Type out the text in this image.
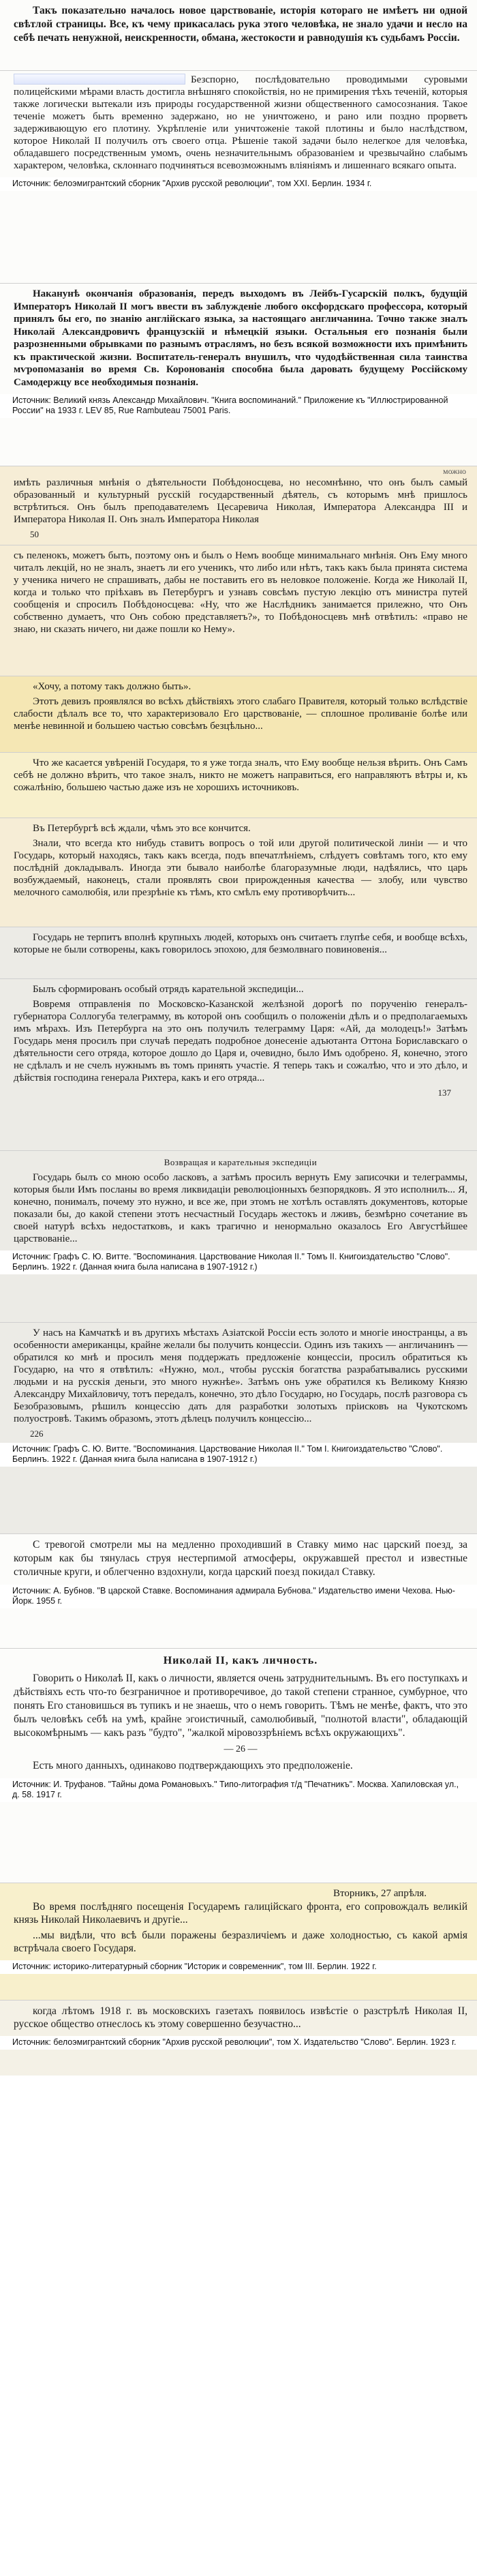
Такъ показательно началось новое царствованіе, исторія котораго не имѣетъ ни одной свѣтлой страницы. Все, къ чему прикасалась рука этого человѣка, не знало удачи и несло на себѣ печать ненужной, неискренности, обмана, жестокости и равнодушія къ судьбамъ Россіи.

Безспорно, послѣдовательно проводимыми суровыми полицейскими мѣрами власть достигла внѣшняго спокойствія, но не примирения тѣхъ теченій, которыя также логически вытекали изъ природы государственной жизни общественного самосознания. Такое теченіе можетъ быть временно задержано, но не уничтожено, и рано или поздно прорветъ задерживающую его плотину. Укрѣпленіе или уничтоженіе такой плотины и было наслѣдством, которое Николай II получилъ отъ своего отца. Рѣшеніе такой задачи было нелегкое для человѣка, обладавшего посредственным умомъ, очень незначительнымъ образованіем и чрезвычайно слабымъ характером, человѣка, склоннаго подчиняться всевозможнымъ вліяніямъ и лишеннаго всякаго опыта.

Источник: белоэмигрантский сборник "Архив русской революции", том ХХI. Берлин. 1934 г.

Наканунѣ окончанія образованія, передъ выходомъ въ Лейбъ-Гусарскій полкъ, будущій Императоръ Николай II могъ ввести въ заблужденіе любого оксфордскаго профессора, который принялъ бы его, по знанію англійскаго языка, за настоящаго англичанина. Точно также зналъ Николай Александровичъ французскій и нѣмецкій языки. Остальныя его познанія были разрозненными обрывками по разнымъ отраслямъ, но безъ всякой возможности ихъ примѣнить къ практической жизни. Воспитатель-генералъ внушилъ, что чудодѣйственная сила таинства мѵропомазанія во время Св. Коронованія способна была даровать будущему Россійскому Самодержцу все необходимыя познанія.

Источник: Великий князь Александр Михайлович. "Книга воспоминаний." Приложение къ "Иллюстрированной России" на 1933 г. LEV 85, Rue Rambuteau 75001 Paris.
можно

имѣть различныя мнѣнія о дѣятельности Побѣдоносцева, но несомнѣнно, что онъ былъ самый образованный и культурный русскій государственный дѣятель, съ которымъ мнѣ пришлось встрѣтиться. Онъ былъ преподавателемъ Цесаревича Николая, Императора Александра III и Императора Николая II. Онъ зналъ Императора Николая

50

съ пеленокъ, можетъ быть, поэтому онъ и былъ о Немъ вообще минимальнаго мнѣнія. Онъ Ему много читалъ лекцій, но не зналъ, знаетъ ли его ученикъ, что либо или нѣтъ, такъ какъ была принята система у ученика ничего не спрашивать, дабы не поставить его въ неловкое положеніе. Когда же Николай II, когда и только что пріѣхавъ въ Петербургъ и узнавъ совсѣмъ пустую лекцію отъ министра путей сообщенія и спросилъ Побѣдоносцева: «Ну, что же Наслѣдникъ занимается прилежно, что Онъ собственно думаетъ, что Онъ собою представляетъ?», то Побѣдоносцевъ мнѣ отвѣтилъ: «право не знаю, ни сказать ничего, ни даже пошли ко Нему».

«Хочу, а потому такъ должно быть».

Этотъ девизъ проявлялся во всѣхъ дѣйствіяхъ этого слабаго Правителя, который только вслѣдствіе слабости дѣлалъ все то, что характеризовало Его царствованіе, — сплошное проливаніе болѣе или менѣе невинной и большею частью совсѣмъ безцѣльно...

Что же касается увѣреній Государя, то я уже тогда зналъ, что Ему вообще нельзя вѣрить. Онъ Самъ себѣ не должно вѣрить, что такое зналъ, никто не можетъ направиться, его направляютъ вѣтры и, къ сожалѣнію, большею частью даже изъ не хорошихъ источниковъ.

Въ Петербургѣ всѣ ждали, чѣмъ это все кончится.

Знали, что всегда кто нибудь ставитъ вопросъ о той или другой политической линіи — и что Государь, который находясь, такъ какъ всегда, подъ впечатлѣніемъ, слѣдуетъ совѣтамъ того, кто ему послѣдній докладывалъ. Иногда эти бывало наиболѣе благоразумные люди, надѣялись, что царь возбуждаемый, наконецъ, стали проявлять свои прирожденныя качества — злобу, или чувство мелочного самолюбія, или презрѣніе къ тѣмъ, кто смѣлъ ему противорѣчить...

Государь не терпитъ вполнѣ крупныхъ людей, которыхъ онъ считаетъ глупѣе себя, и вообще всѣхъ, которые не были сотворены, какъ говорилось эпохою, для безмолвнаго повиновенія...

Былъ сформированъ особый отрядъ карательной экспедиціи...

Вовремя отправленія по Московско-Казанской желѣзной дорогѣ по порученію генералъ-губернатора Соллогуба телеграмму, въ которой онъ сообщилъ о положеніи дѣлъ и о предполагаемыхъ имъ мѣрахъ. Изъ Петербурга на это онъ получилъ телеграмму Царя: «Ай, да молодецъ!» Затѣмъ Государь меня просилъ при случаѣ передать подробное донесеніе адъютанта Оттона Бориславскаго о дѣятельности сего отряда, которое дошло до Царя и, очевидно, было Имъ одобрено. Я, конечно, этого не сдѣлалъ и не счелъ нужнымъ въ томъ принять участіе. Я теперь такъ и сожалѣю, что и это дѣло, и дѣйствія господина генерала Рихтера, какъ и его отряда...

137
Возвращая и карательныя экспедиціи

Государь былъ со мною особо ласковъ, а затѣмъ просилъ вернуть Ему записочки и телеграммы, которыя были Имъ посланы во время ликвидаціи революціонныхъ безпорядковъ. Я это исполнилъ... Я, конечно, понималъ, почему это нужно, и все же, при этомъ не хотѣлъ оставлять документовъ, которые показали бы, до какой степени этотъ несчастный Государь жестокъ и лживъ, безмѣрно сочетание въ своей натурѣ всѣхъ недостатковъ, и какъ трагично и ненормально оказалось Его Августѣйшее царствованіе...

Источник: Графъ С. Ю. Витте. "Воспоминания. Царствование Николая II." Томъ II. Книгоиздательство "Слово". Берлинъ. 1922 г. (Данная книга была написана в 1907-1912 г.)

У насъ на Камчаткѣ и въ другихъ мѣстахъ Азіатской Россіи есть золото и многіе иностранцы, а въ особенности американцы, крайне желали бы получить концессіи. Одинъ изъ такихъ — англичанинъ — обратился ко мнѣ и просилъ меня поддержать предложеніе концессіи, просилъ обратиться къ Государю, на что я отвѣтилъ: «Нужно, мол., чтобы русскія богатства разрабатывались русскими людьми и на русскія деньги, это много нужнѣе». Затѣмъ онъ уже обратился къ Великому Князю Александру Михайловичу, тотъ передалъ, конечно, это дѣло Государю, но Государь, послѣ разговора съ Безобразовымъ, рѣшилъ концессію дать для разработки золотыхъ пріисковъ на Чукотскомъ полуостровѣ. Такимъ образомъ, этотъ дѣлецъ получилъ концессію...

226
Источник: Графъ С. Ю. Витте. "Воспоминания. Царствование Николая II." Том I. Книгоиздательство "Слово". Берлинъ. 1922 г. (Данная книга была написана в 1907-1912 г.)

С тревогой смотрели мы на медленно проходивший в Ставку мимо нас царский поезд, за которым как бы тянулась струя нестерпимой атмосферы, окружавшей престол и известные столичные круги, и облегченно вздохнули, когда царский поезд покидал Ставку.

Источник: А. Бубнов. "В царской Ставке. Воспоминания адмирала Бубнова." Издательство имени Чехова. Нью-Йорк. 1955 г.
Николай II, какъ личность.

Говорить о Николаѣ II, какъ о личности, является очень затруднительнымъ. Въ его поступкахъ и дѣйствіяхъ есть что-то безграничное и противоречивое, до такой степени странное, сумбурное, что понять Его становишься въ тупикъ и не знаешь, что о немъ говорить. Тѣмъ не менѣе, фактъ, что это былъ человѣкъ себѣ на умѣ, крайне эгоистичный, самолюбивый, "полнотой власти", обладающій высокомѣрнымъ — какъ разъ "будто", "жалкой міровоззрѣніемъ всѣхъ окружающихъ".

— 26 —

Есть много данныхъ, одинаково подтверждающихъ это предположеніе.

Источник: И. Труфанов. "Тайны дома Романовыхъ." Типо-литография т/д "Печатникъ". Москва. Хапиловская ул., д. 58. 1917 г.
Вторникъ, 27 апрѣля.

Во время послѣдняго посещенія Государемъ галиційскаго фронта, его сопровождалъ великій князь Николай Николаевичъ и другіе...

...мы видѣли, что всѣ были поражены безразличіемъ и даже холодностью, съ какой армія встрѣчала своего Государя.

Источник: историко-литературный сборник "Историк и современник", том III. Берлин. 1922 г.

когда лѣтомъ 1918 г. въ московскихъ газетахъ появилось извѣстіе о разстрѣлѣ Николая II, русское общество отнеслось къ этому совершенно безучастно...

Источник: белоэмигрантский сборник "Архив русской революции", том Х. Издательство "Слово". Берлин. 1923 г.
